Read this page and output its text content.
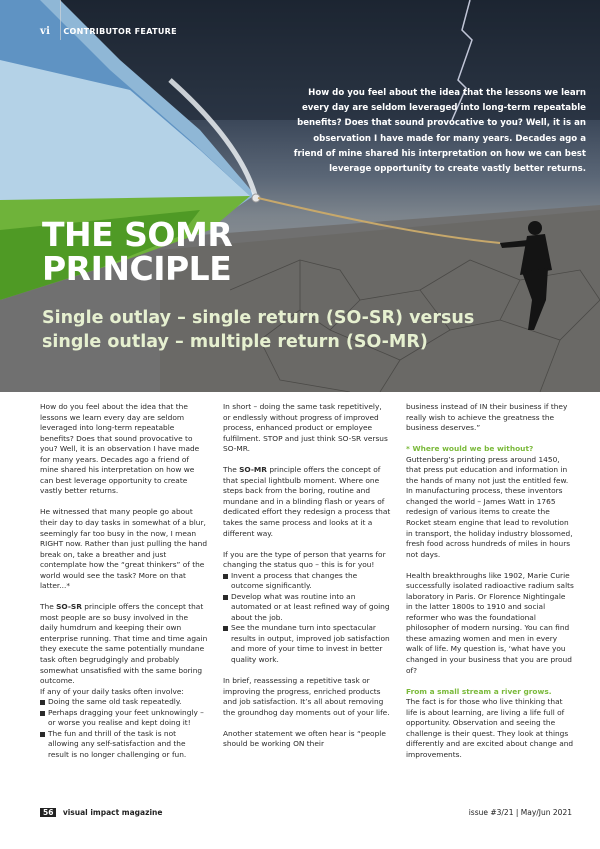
vi CONTRIBUTOR FEATURE
How do you feel about the idea that the lessons we learn every day are seldom leveraged into long-term repeatable benefits? Does that sound provocative to you? Well, it is an observation I have made for many years. Decades ago a friend of mine shared his interpretation on how we can best leverage opportunity to create vastly better returns.
THE SOMR
PRINCIPLE
Single outlay – single return (SO-SR) versus single outlay – multiple return (SO-MR)

How do you feel about the idea that the lessons we learn every day are seldom leveraged into long-term repeatable benefits? Does that sound provocative to you? Well, it is an observation I have made for many years. Decades ago a friend of mine shared his interpretation on how we can best leverage opportunity to create vastly better returns.

He witnessed that many people go about their day to day tasks in somewhat of a blur, seemingly far too busy in the now, I mean RIGHT now. Rather than just pulling the hand break on, take a breather and just contemplate how the “great thinkers” of the world would see the task? More on that latter...*

The SO-SR principle offers the concept that most people are so busy involved in the daily humdrum and keeping their own enterprise running. That time and time again they execute the same potentially mundane task often begrudgingly and probably somewhat unsatisfied with the same boring outcome.

If any of your daily tasks often involve:

Doing the same old task repeatedly.
Perhaps dragging your feet unknowingly – or worse you realise and kept doing it!
The fun and thrill of the task is not allowing any self-satisfaction and the result is no longer challenging or fun.

In short – doing the same task repetitively, or endlessly without progress of improved process, enhanced product or employee fulfilment. STOP and just think SO-SR versus SO-MR.

The SO-MR principle offers the concept of that special lightbulb moment. Where one steps back from the boring, routine and mundane and in a blinding flash or years of dedicated effort they redesign a process that takes the same process and looks at it a different way.

If you are the type of person that yearns for changing the status quo – this is for you!

Invent a process that changes the outcome significantly.
Develop what was routine into an automated or at least refined way of going about the job.
See the mundane turn into spectacular results in output, improved job satisfaction and more of your time to invest in better quality work.

In brief, reassessing a repetitive task or improving the progress, enriched products and job satisfaction. It’s all about removing the groundhog day moments out of your life.

Another statement we often hear is “people should be working ON their

business instead of IN their business if they really wish to achieve the greatness the business deserves.”

* Where would we be without?

Guttenberg’s printing press around 1450, that press put education and information in the hands of many not just the entitled few. In manufacturing process, these inventors changed the world – James Watt in 1765 redesign of various items to create the Rocket steam engine that lead to revolution in transport, the holiday industry blossomed, fresh food across hundreds of miles in hours not days.

Health breakthroughs like 1902, Marie Curie successfully isolated radioactive radium salts laboratory in Paris. Or Florence Nightingale in the latter 1800s to 1910 and social reformer who was the foundational philosopher of modern nursing. You can find these amazing women and men in every walk of life. My question is, ‘what have you changed in your business that you are proud of?

From a small stream a river grows.

The fact is for those who live thinking that life is about learning, are living a life full of opportunity. Observation and seeing the challenge is their quest. They look at things differently and are excited about change and improvements.

56 visual impact magazine	issue #3/21 | May/Jun 2021
